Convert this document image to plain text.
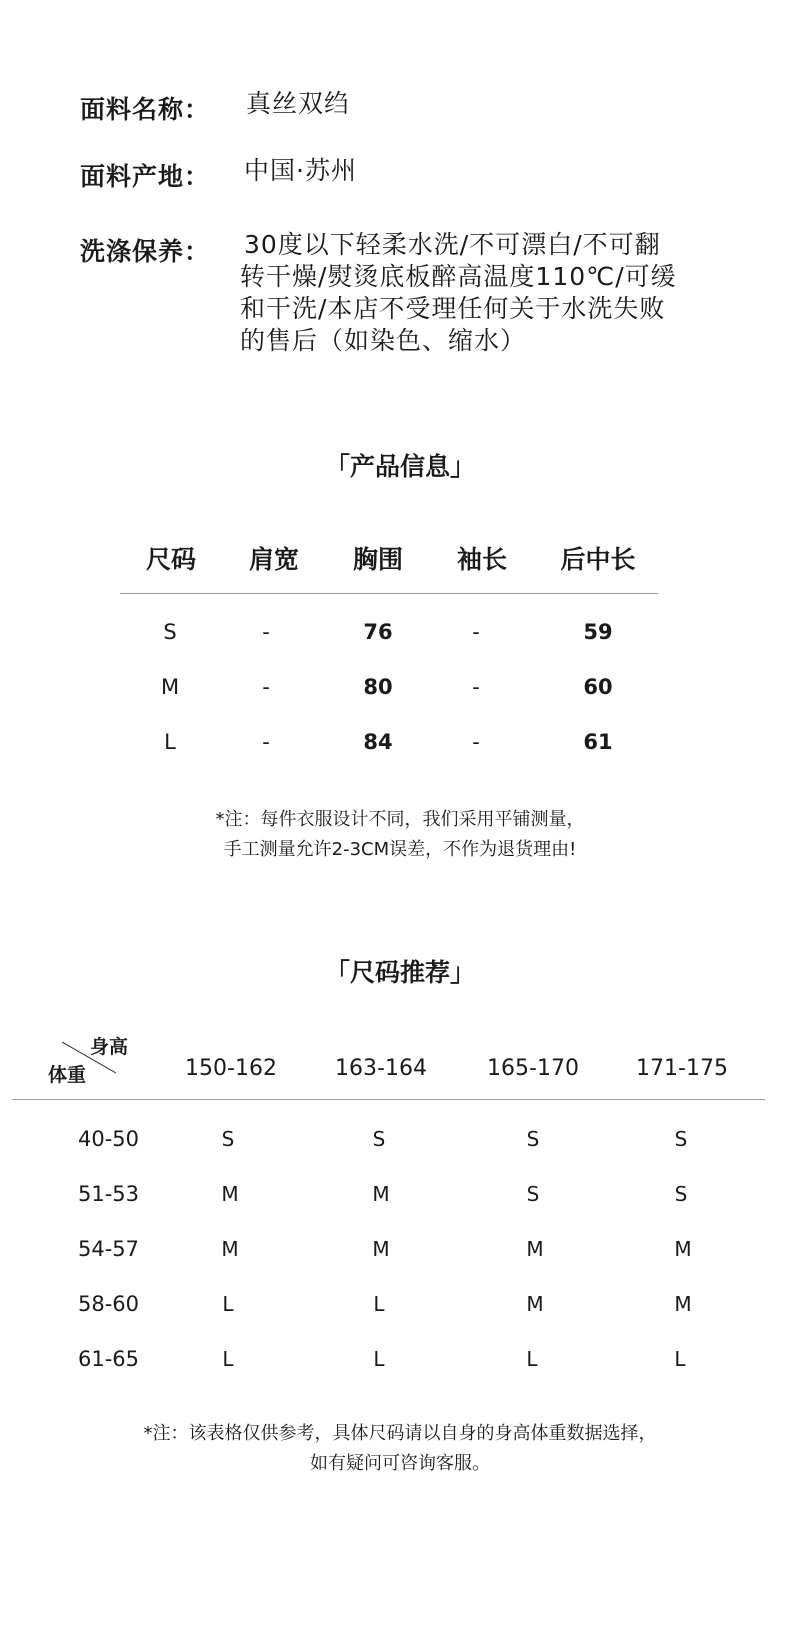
面料名称： 真丝双绉
面料产地： 中国·苏州
洗涤保养： 30度以下轻柔水洗/不可漂白/不可翻
转干燥/熨烫底板醉高温度110℃/可缓
和干洗/本店不受理任何关于水洗失败
的售后（如染色、缩水）
「产品信息」
尺码	肩宽	胸围	袖长	后中长
S	-	76	-	59
M	-	80	-	60
L	-	84	-	61
*注：每件衣服设计不同，我们采用平铺测量，
手工测量允许2-3CM误差，不作为退货理由!
「尺码推荐」
身高
体重	150-162	163-164	165-170	171-175
40-50	S	S	S	S
51-53	M	M	S	S
54-57	M	M	M	M
58-60	L	L	M	M
61-65	L	L	L	L
*注：该表格仅供参考，具体尺码请以自身的身高体重数据选择，
如有疑问可咨询客服。
